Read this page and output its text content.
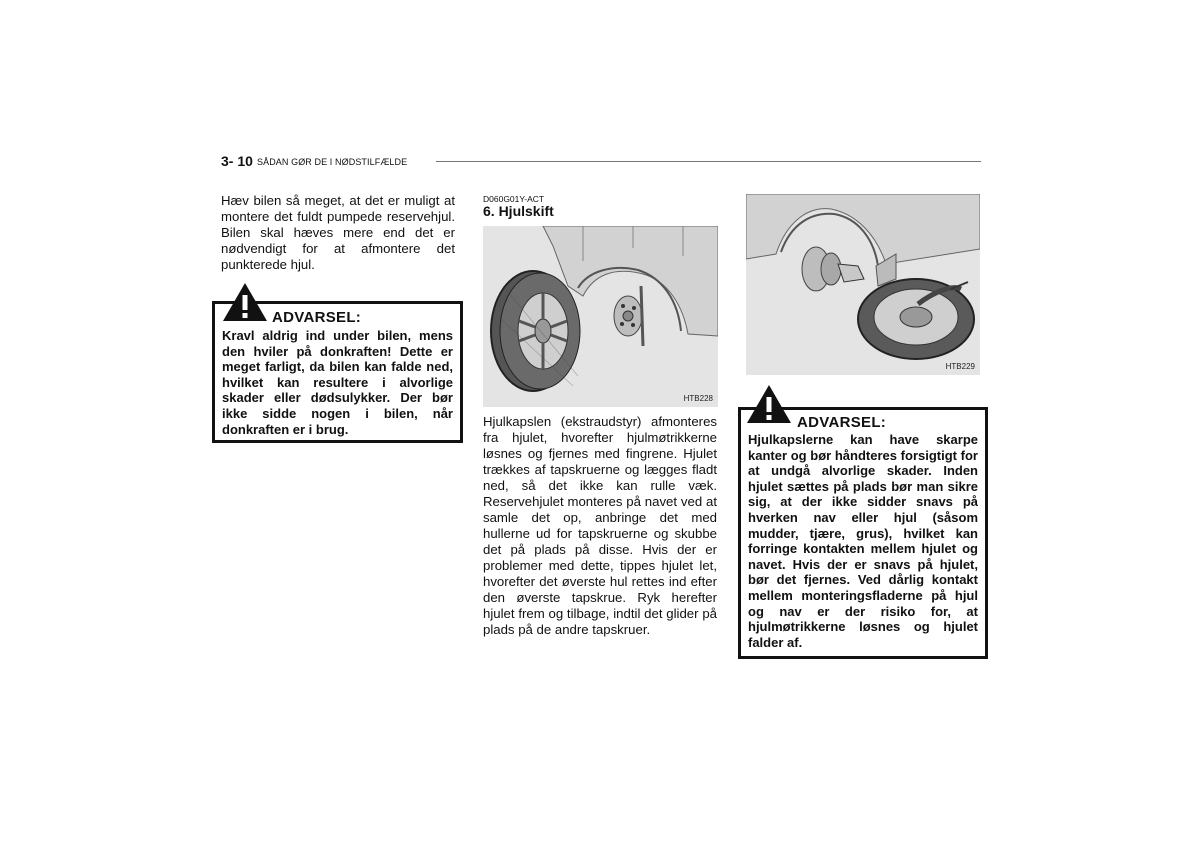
3- 10 SÅDAN GØR DE I NØDSTILFÆLDE
Hæv bilen så meget, at det er muligt at montere det fuldt pumpede reservehjul. Bilen skal hæves mere end det er nødvendigt for at afmontere det punkterede hjul.
ADVARSEL:
Kravl aldrig ind under bilen, mens den hviler på donkraften! Dette er meget farligt, da bilen kan falde ned, hvilket kan resultere i alvorlige skader eller dødsulykker. Der bør ikke sidde nogen i bilen, når donkraften er i brug.
D060G01Y-ACT
6. Hjulskift
HTB228
Hjulkapslen (ekstraudstyr) afmonteres fra hjulet, hvorefter hjulmøtrikkerne løsnes og fjernes med fingrene. Hjulet trækkes af tapskruerne og lægges fladt ned, så det ikke kan rulle væk. Reservehjulet monteres på navet ved at samle det op, anbringe det med hullerne ud for tapskruerne og skubbe det på plads på disse. Hvis der er problemer med dette, tippes hjulet let, hvorefter det øverste hul rettes ind efter den øverste tapskrue. Ryk herefter hjulet frem og tilbage, indtil det glider på plads på de andre tapskruer.
HTB229
ADVARSEL:
Hjulkapslerne kan have skarpe kanter og bør håndteres forsigtigt for at undgå alvorlige skader. Inden hjulet sættes på plads bør man sikre sig, at der ikke sidder snavs på hverken nav eller hjul (såsom mudder, tjære, grus), hvilket kan forringe kontakten mellem hjulet og navet. Hvis der er snavs på hjulet, bør det fjernes. Ved dårlig kontakt mellem monteringsfladerne på hjul og nav er der risiko for, at hjulmøtrikkerne løsnes og hjulet falder af.
